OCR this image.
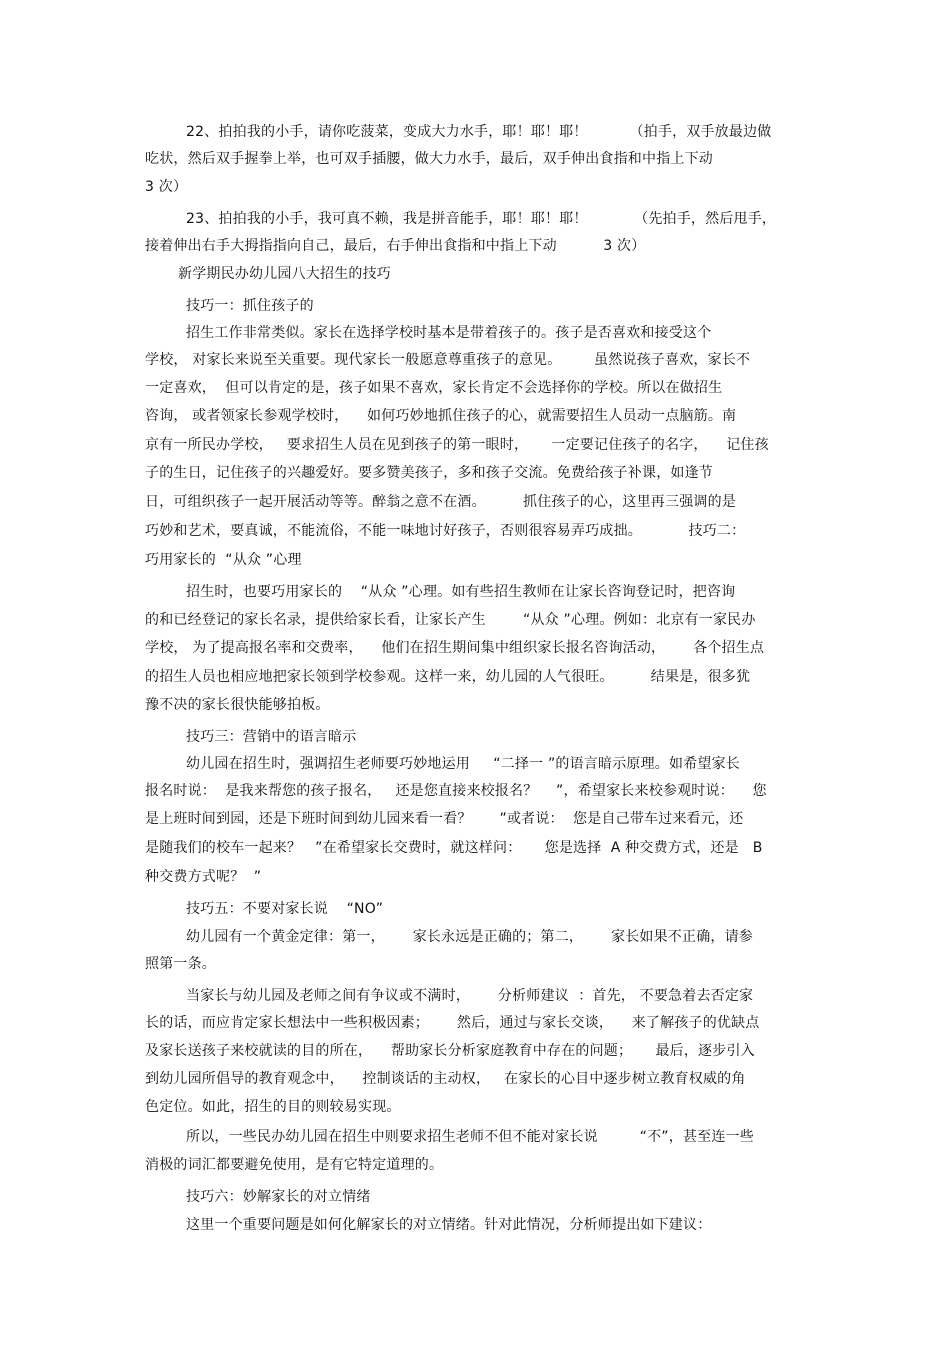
22、拍拍我的小手，请你吃菠菜，变成大力水手，耶！耶！耶！         （拍手，双手放最边做
吃状，然后双手握拳上举，也可双手插腰，做大力水手，最后，双手伸出食指和中指上下动
3 次）
23、拍拍我的小手，我可真不赖，我是拼音能手，耶！耶！耶！          （先拍手，然后甩手，
接着伸出右手大拇指指向自己，最后，右手伸出食指和中指上下动          3 次）
新学期民办幼儿园八大招生的技巧
技巧一：抓住孩子的
招生工作非常类似。家长在选择学校时基本是带着孩子的。孩子是否喜欢和接受这个
学校， 对家长来说至关重要。现代家长一般愿意尊重孩子的意见。       虽然说孩子喜欢，家长不
一定喜欢，  但可以肯定的是，孩子如果不喜欢，家长肯定不会选择你的学校。所以在做招生
咨询， 或者领家长参观学校时，    如何巧妙地抓住孩子的心，就需要招生人员动一点脑筋。南
京有一所民办学校，   要求招生人员在见到孩子的第一眼时，     一定要记住孩子的名字，    记住孩
子的生日，记住孩子的兴趣爱好。要多赞美孩子，多和孩子交流。免费给孩子补课，如逢节
日，可组织孩子一起开展活动等等。醉翁之意不在酒。        抓住孩子的心，这里再三强调的是
巧妙和艺术，要真诚，不能流俗，不能一味地讨好孩子，否则很容易弄巧成拙。          技巧二：
巧用家长的  “从众 ”心理
招生时，也要巧用家长的    “从众 ”心理。如有些招生教师在让家长咨询登记时，把咨询
的和已经登记的家长名录，提供给家长看，让家长产生        “从众 ”心理。例如：北京有一家民办
学校， 为了提高报名率和交费率，    他们在招生期间集中组织家长报名咨询活动，      各个招生点
的招生人员也相应地把家长领到学校参观。这样一来，幼儿园的人气很旺。        结果是，很多犹
豫不决的家长很快能够拍板。
技巧三：营销中的语言暗示
幼儿园在招生时，强调招生老师要巧妙地运用     “二择一 ”的语言暗示原理。如希望家长
报名时说：  是我来帮您的孩子报名，   还是您直接来校报名？    ”，希望家长来校参观时说：    您
是上班时间到园，还是下班时间到幼儿园来看一看？      ”或者说：  您是自己带车过来看元，还
是随我们的校车一起来？   ”在希望家长交费时，就这样问：     您是选择  A 种交费方式，还是   B
种交费方式呢？  ”
技巧五：不要对家长说    “NO”
幼儿园有一个黄金定律：第一，      家长永远是正确的；第二，      家长如果不正确，请参
照第一条。
当家长与幼儿园及老师之间有争议或不满时，      分析师建议  ：首先， 不要急着去否定家
长的话，而应肯定家长想法中一些积极因素；      然后，通过与家长交谈，    来了解孩子的优缺点
及家长送孩子来校就读的目的所在，    帮助家长分析家庭教育中存在的问题；     最后，逐步引入
到幼儿园所倡导的教育观念中，    控制谈话的主动权，   在家长的心目中逐步树立教育权威的角
色定位。如此，招生的目的则较易实现。
所以，一些民办幼儿园在招生中则要求招生老师不但不能对家长说         “不”，甚至连一些
消极的词汇都要避免使用，是有它特定道理的。
技巧六：妙解家长的对立情绪
这里一个重要问题是如何化解家长的对立情绪。针对此情况，分析师提出如下建议：
